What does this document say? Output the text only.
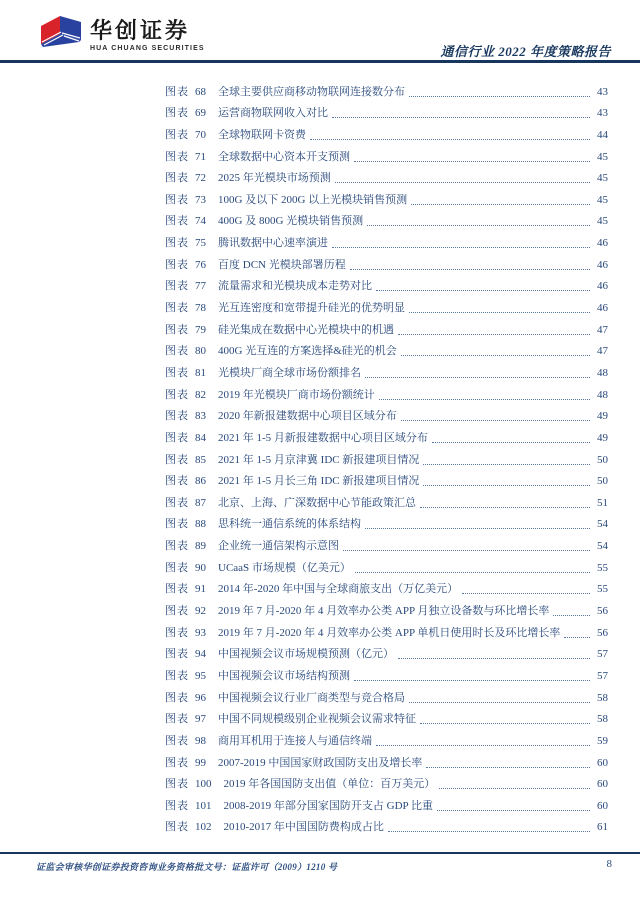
华创证券
HUA CHUANG SECURITIES	通信行业 2022 年度策略报告
图表 68 全球主要供应商移动物联网连接数分布	43
图表 69 运营商物联网收入对比	43
图表 70 全球物联网卡资费	44
图表 71 全球数据中心资本开支预测	45
图表 72 2025 年光模块市场预测	45
图表 73 100G 及以下 200G 以上光模块销售预测	45
图表 74 400G 及 800G 光模块销售预测	45
图表 75 腾讯数据中心速率演进	46
图表 76 百度 DCN 光模块部署历程	46
图表 77 流量需求和光模块成本走势对比	46
图表 78 光互连密度和宽带提升硅光的优势明显	46
图表 79 硅光集成在数据中心光模块中的机遇	47
图表 80 400G 光互连的方案选择&硅光的机会	47
图表 81 光模块厂商全球市场份额排名	48
图表 82 2019 年光模块厂商市场份额统计	48
图表 83 2020 年新报建数据中心项目区域分布	49
图表 84 2021 年 1-5 月新报建数据中心项目区域分布	49
图表 85 2021 年 1-5 月京津冀 IDC 新报建项目情况	50
图表 86 2021 年 1-5 月长三角 IDC 新报建项目情况	50
图表 87 北京、上海、广深数据中心节能政策汇总	51
图表 88 思科统一通信系统的体系结构	54
图表 89 企业统一通信架构示意图	54
图表 90 UCaaS 市场规模（亿美元）	55
图表 91 2014 年-2020 年中国与全球商旅支出（万亿美元）	55
图表 92 2019 年 7 月-2020 年 4 月效率办公类 APP 月独立设备数与环比增长率	56
图表 93 2019 年 7 月-2020 年 4 月效率办公类 APP 单机日使用时长及环比增长率	56
图表 94 中国视频会议市场规模预测（亿元）	57
图表 95 中国视频会议市场结构预测	57
图表 96 中国视频会议行业厂商类型与竞合格局	58
图表 97 中国不同规模级别企业视频会议需求特征	58
图表 98 商用耳机用于连接人与通信终端	59
图表 99 2007-2019 中国国家财政国防支出及增长率	60
图表 100 2019 年各国国防支出值（单位：百万美元）	60
图表 101 2008-2019 年部分国家国防开支占 GDP 比重	60
图表 102 2010-2017 年中国国防费构成占比	61
证监会审核华创证券投资咨询业务资格批文号：证监许可（2009）1210 号	8
